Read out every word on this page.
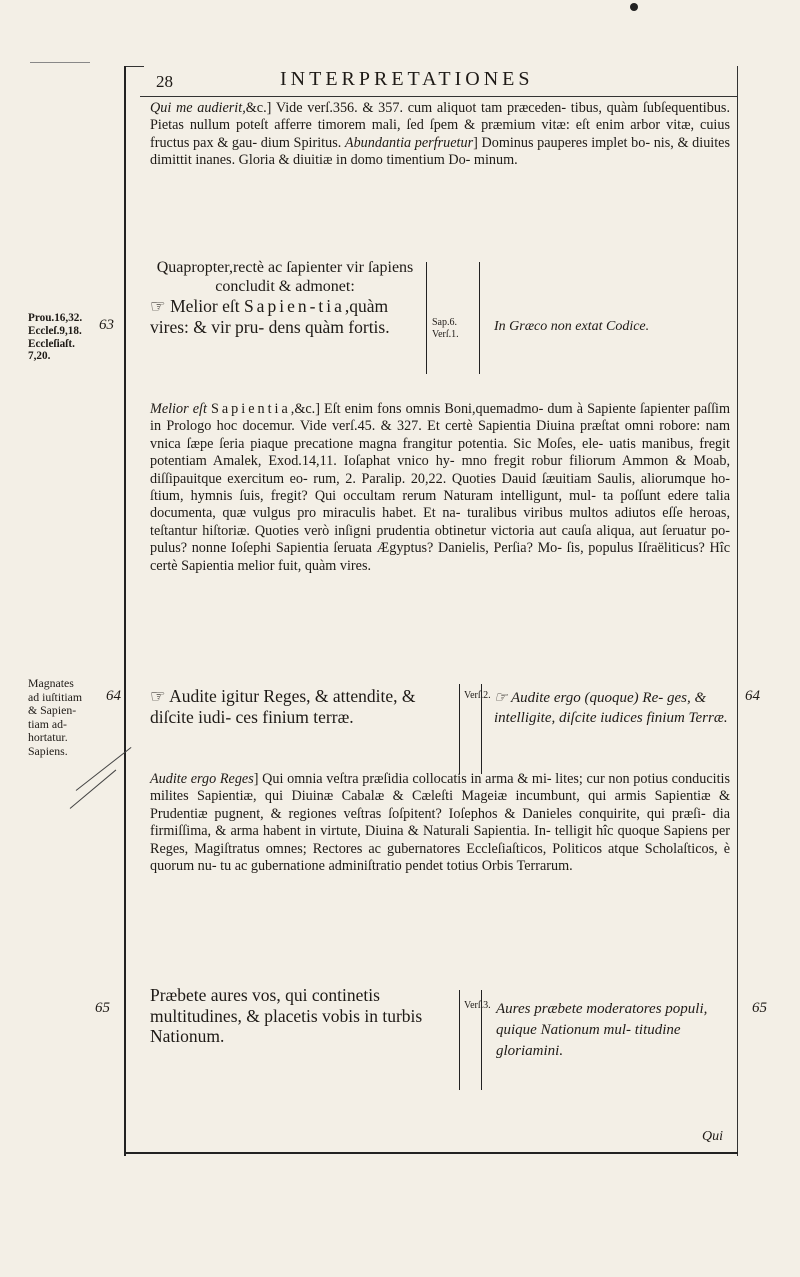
28	INTERPRETATIONES
Qui me audierit,&c.] Vide verſ.356. & 357. cum aliquot tam præceden- tibus, quàm ſubſequentibus. Pietas nullum poteſt afferre timorem mali, ſed ſpem & præmium vitæ: eſt enim arbor vitæ, cuius fructus pax & gau- dium Spiritus. Abundantia perfruetur] Dominus pauperes implet bo- nis, & diuites dimittit inanes. Gloria & diuitiæ in domo timentium Do- minum.
Prou.16,32.
Eccleſ.9,18.
Eccleſiaſt.
7,20.
63
Quapropter,rectè ac ſapienter vir ſapiens concludit & admonet:
☞ Melior eſt Sapien-tia,quàm vires: & vir pru- dens quàm fortis.	Sap.6.
Verſ.1.
In Græco non extat Codice.
Melior eſt Sapientia,&c.] Eſt enim fons omnis Boni,quemadmo- dum à Sapiente ſapienter paſſim in Prologo hoc docemur. Vide verſ.45. & 327. Et certè Sapientia Diuina præſtat omni robore: nam vnica ſæpe ſeria piaque precatione magna frangitur potentia. Sic Moſes, ele- uatis manibus, fregit potentiam Amalek, Exod.14,11. Ioſaphat vnico hy- mno fregit robur filiorum Ammon & Moab, diſſipauitque exercitum eo- rum, 2. Paralip. 20,22. Quoties Dauid ſæuitiam Saulis, aliorumque ho- ſtium, hymnis ſuis, fregit? Qui occultam rerum Naturam intelligunt, mul- ta poſſunt edere talia documenta, quæ vulgus pro miraculis habet. Et na- turalibus viribus multos adiutos eſſe heroas, teſtantur hiſtoriæ. Quoties verò inſigni prudentia obtinetur victoria aut cauſa aliqua, aut ſeruatur po- pulus? nonne Ioſephi Sapientia ſeruata Ægyptus? Danielis, Perſia? Mo- ſis, populus Iſraëliticus? Hîc certè Sapientia melior fuit, quàm vires.
Magnates
ad iuſtitiam
& Sapien-
tiam ad-
hortatur.
Sapiens.
64	64
☞ Audite igitur Reges, & attendite, & diſcite iudi- ces finium terræ.
Verſ.2. ☞ Audite ergo (quoque) Re- ges, & intelligite, diſcite iudices finium Terræ.
Audite ergo Reges] Qui omnia veſtra præſidia collocatis in arma & mi- lites; cur non potius conducitis milites Sapientiæ, qui Diuinæ Cabalæ & Cæleſti Mageiæ incumbunt, qui armis Sapientiæ & Prudentiæ pugnent, & regiones veſtras ſoſpitent? Ioſephos & Danieles conquirite, qui præſi- dia firmiſſima, & arma habent in virtute, Diuina & Naturali Sapientia. In- telligit hîc quoque Sapiens per Reges, Magiſtratus omnes; Rectores ac gubernatores Eccleſiaſticos, Politicos atque Scholaſticos, è quorum nu- tu ac gubernatione adminiſtratio pendet totius Orbis Terrarum.
65	65
Præbete aures vos, qui continetis multitudines, & placetis vobis in turbis Nationum.
Verſ.3. Aures præbete moderatores populi, quique Nationum mul- titudine gloriamini.
Qui
